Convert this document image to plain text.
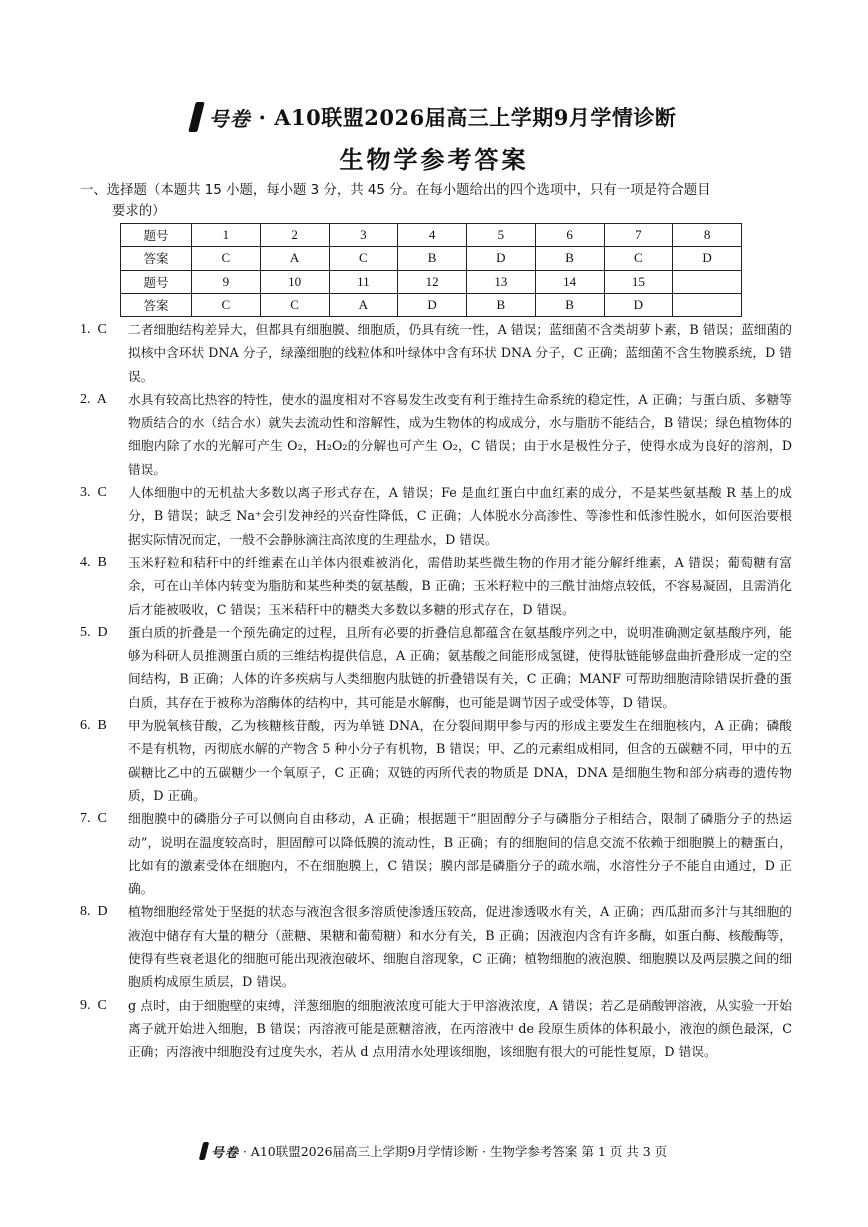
号卷 · A10联盟2026届高三上学期9月学情诊断
生物学参考答案
一、选择题（本题共 15 小题，每小题 3 分，共 45 分。在每小题给出的四个选项中，只有一项是符合题目
要求的）
题号	1	2	3	4	5	6	7	8
答案	C	A	C	B	D	B	C	D
题号	9	10	11	12	13	14	15	
答案	C	C	A	D	B	B	D	
1.  C	二者细胞结构差异大，但都具有细胞膜、细胞质，仍具有统一性，A 错误；蓝细菌不含类胡萝卜素，B 错误；蓝细菌的拟核中含环状 DNA 分子，绿藻细胞的线粒体和叶绿体中含有环状 DNA 分子，C 正确；蓝细菌不含生物膜系统，D 错误。
2.  A	水具有较高比热容的特性，使水的温度相对不容易发生改变有利于维持生命系统的稳定性，A 正确；与蛋白质、多糖等物质结合的水（结合水）就失去流动性和溶解性，成为生物体的构成成分，水与脂肪不能结合，B 错误；绿色植物体的细胞内除了水的光解可产生 O₂，H₂O₂的分解也可产生 O₂，C 错误；由于水是极性分子，使得水成为良好的溶剂，D 错误。
3.  C	人体细胞中的无机盐大多数以离子形式存在，A 错误；Fe 是血红蛋白中血红素的成分，不是某些氨基酸 R 基上的成分，B 错误；缺乏 Na⁺会引发神经的兴奋性降低，C 正确；人体脱水分高渗性、等渗性和低渗性脱水，如何医治要根据实际情况而定，一般不会静脉滴注高浓度的生理盐水，D 错误。
4.  B	玉米籽粒和秸秆中的纤维素在山羊体内很难被消化，需借助某些微生物的作用才能分解纤维素，A 错误；葡萄糖有富余，可在山羊体内转变为脂肪和某些种类的氨基酸，B 正确；玉米籽粒中的三酰甘油熔点较低，不容易凝固，且需消化后才能被吸收，C 错误；玉米秸秆中的糖类大多数以多糖的形式存在，D 错误。
5.  D	蛋白质的折叠是一个预先确定的过程，且所有必要的折叠信息都蕴含在氨基酸序列之中，说明准确测定氨基酸序列，能够为科研人员推测蛋白质的三维结构提供信息，A 正确；氨基酸之间能形成氢键，使得肽链能够盘曲折叠形成一定的空间结构，B 正确；人体的许多疾病与人类细胞内肽链的折叠错误有关，C 正确；MANF 可帮助细胞清除错误折叠的蛋白质，其存在于被称为溶酶体的结构中，其可能是水解酶，也可能是调节因子或受体等，D 错误。
6.  B	甲为脱氧核苷酸，乙为核糖核苷酸，丙为单链 DNA，在分裂间期甲参与丙的形成主要发生在细胞核内，A 正确；磷酸不是有机物，丙彻底水解的产物含 5 种小分子有机物，B 错误；甲、乙的元素组成相同，但含的五碳糖不同，甲中的五碳糖比乙中的五碳糖少一个氧原子，C 正确；双链的丙所代表的物质是 DNA，DNA 是细胞生物和部分病毒的遗传物质，D 正确。
7.  C	细胞膜中的磷脂分子可以侧向自由移动，A 正确；根据题干“胆固醇分子与磷脂分子相结合，限制了磷脂分子的热运动”，说明在温度较高时，胆固醇可以降低膜的流动性，B 正确；有的细胞间的信息交流不依赖于细胞膜上的糖蛋白，比如有的激素受体在细胞内，不在细胞膜上，C 错误；膜内部是磷脂分子的疏水端，水溶性分子不能自由通过，D 正确。
8.  D	植物细胞经常处于坚挺的状态与液泡含很多溶质使渗透压较高，促进渗透吸水有关，A 正确；西瓜甜而多汁与其细胞的液泡中储存有大量的糖分（蔗糖、果糖和葡萄糖）和水分有关，B 正确；因液泡内含有许多酶，如蛋白酶、核酸酶等，使得有些衰老退化的细胞可能出现液泡破坏、细胞自溶现象，C 正确；植物细胞的液泡膜、细胞膜以及两层膜之间的细胞质构成原生质层，D 错误。
9.  C	g 点时，由于细胞壁的束缚，洋葱细胞的细胞液浓度可能大于甲溶液浓度，A 错误；若乙是硝酸钾溶液，从实验一开始离子就开始进入细胞，B 错误；丙溶液可能是蔗糖溶液，在丙溶液中 de 段原生质体的体积最小，液泡的颜色最深，C 正确；丙溶液中细胞没有过度失水，若从 d 点用清水处理该细胞，该细胞有很大的可能性复原，D 错误。
号卷 · A10联盟2026届高三上学期9月学情诊断 · 生物学参考答案 第 1 页 共 3 页
